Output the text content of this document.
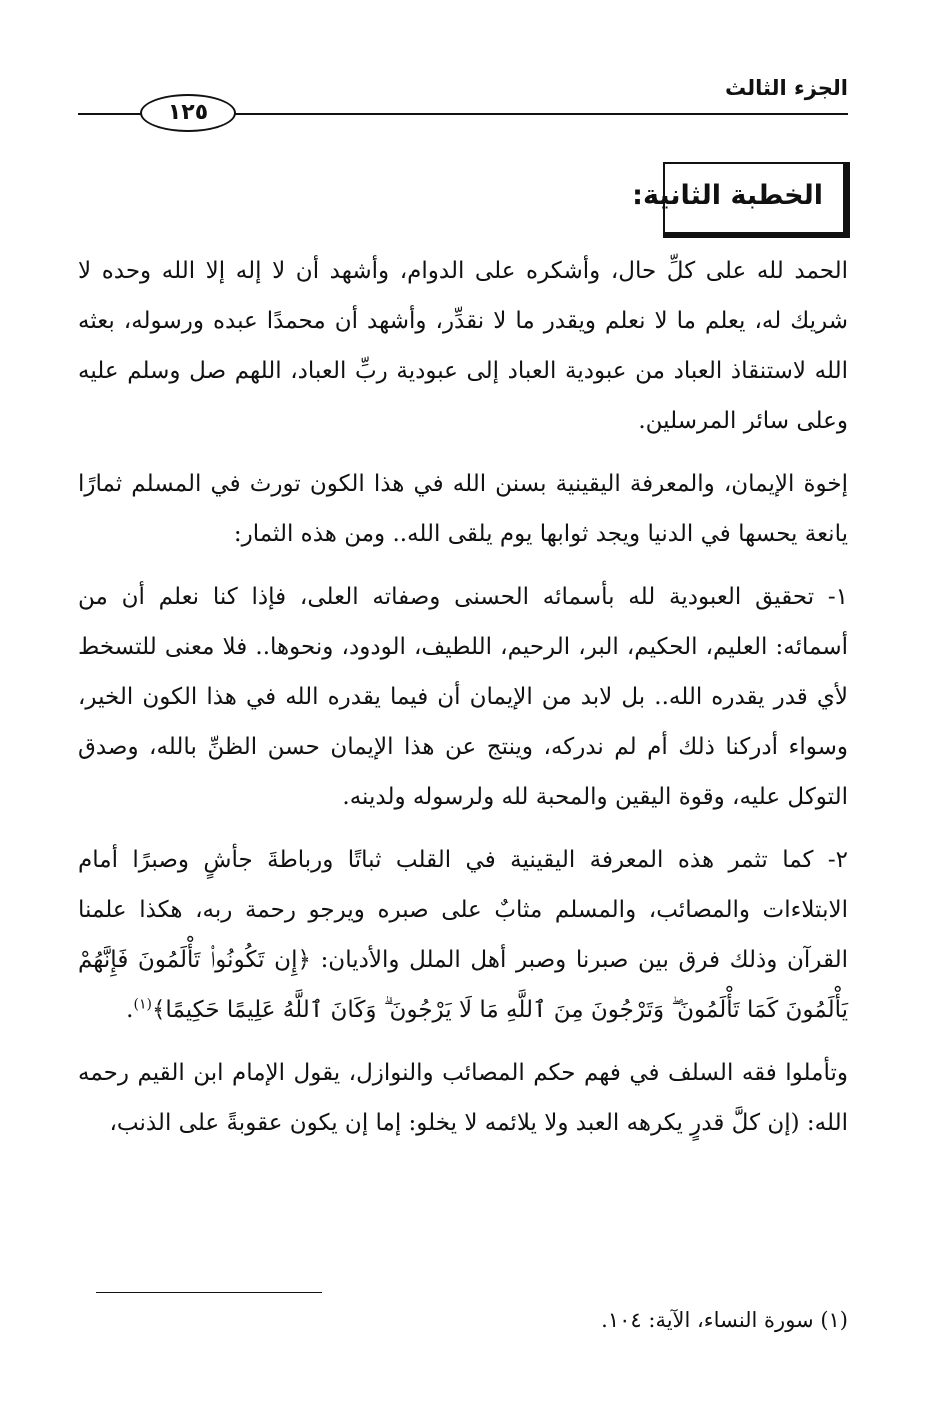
الجزء الثالث
١٢٥
الخطبة الثانية:

الحمد لله على كلِّ حال، وأشكره على الدوام، وأشهد أن لا إله إلا الله وحده لا شريك له، يعلم ما لا نعلم ويقدر ما لا نقدِّر، وأشهد أن محمدًا عبده ورسوله، بعثه الله لاستنقاذ العباد من عبودية العباد إلى عبودية ربِّ العباد، اللهم صل وسلم عليه وعلى سائر المرسلين.

إخوة الإيمان، والمعرفة اليقينية بسنن الله في هذا الكون تورث في المسلم ثمارًا يانعة يحسها في الدنيا ويجد ثوابها يوم يلقى الله.. ومن هذه الثمار:

١- تحقيق العبودية لله بأسمائه الحسنى وصفاته العلى، فإذا كنا نعلم أن من أسمائه: العليم، الحكيم، البر، الرحيم، اللطيف، الودود، ونحوها.. فلا معنى للتسخط لأي قدر يقدره الله.. بل لابد من الإيمان أن فيما يقدره الله في هذا الكون الخير، وسواء أدركنا ذلك أم لم ندركه، وينتج عن هذا الإيمان حسن الظنِّ بالله، وصدق التوكل عليه، وقوة اليقين والمحبة لله ولرسوله ولدينه.

٢- كما تثمر هذه المعرفة اليقينية في القلب ثباتًا ورباطةَ جأشٍ وصبرًا أمام الابتلاءات والمصائب، والمسلم مثابٌ على صبره ويرجو رحمة ربه، هكذا علمنا القرآن وذلك فرق بين صبرنا وصبر أهل الملل والأديان: ﴿إِن تَكُونُوا۟ تَأْلَمُونَ فَإِنَّهُمْ يَأْلَمُونَ كَمَا تَأْلَمُونَ ۖ وَتَرْجُونَ مِنَ ٱللَّهِ مَا لَا يَرْجُونَ ۗ وَكَانَ ٱللَّهُ عَلِيمًا حَكِيمًا﴾$^{(١)}$.

وتأملوا فقه السلف في فهم حكم المصائب والنوازل، يقول الإمام ابن القيم رحمه الله: (إن كلَّ قدرٍ يكرهه العبد ولا يلائمه لا يخلو: إما إن يكون عقوبةً على الذنب،

(١) سورة النساء، الآية: ١٠٤.
